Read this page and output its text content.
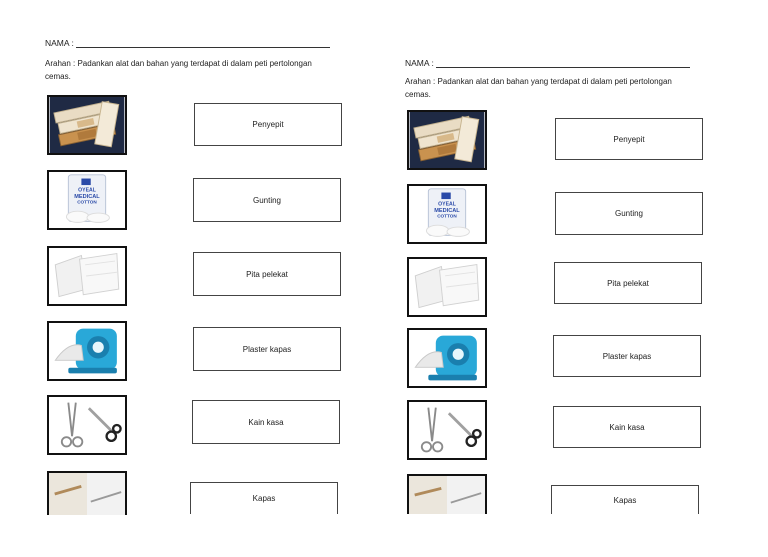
NAMA :
Arahan : Padankan alat dan bahan yang terdapat di dalam peti pertolongan cemas.
Penyepit
OYEAL
MEDICAL
COTTON	Gunting
Pita pelekat
Plaster kapas
Kain kasa
Kapas
NAMA :
Arahan : Padankan alat dan bahan yang terdapat di dalam peti pertolongan cemas.
Penyepit
OYEAL
MEDICAL
COTTON	Gunting
Pita pelekat
Plaster kapas
Kain kasa
Kapas
